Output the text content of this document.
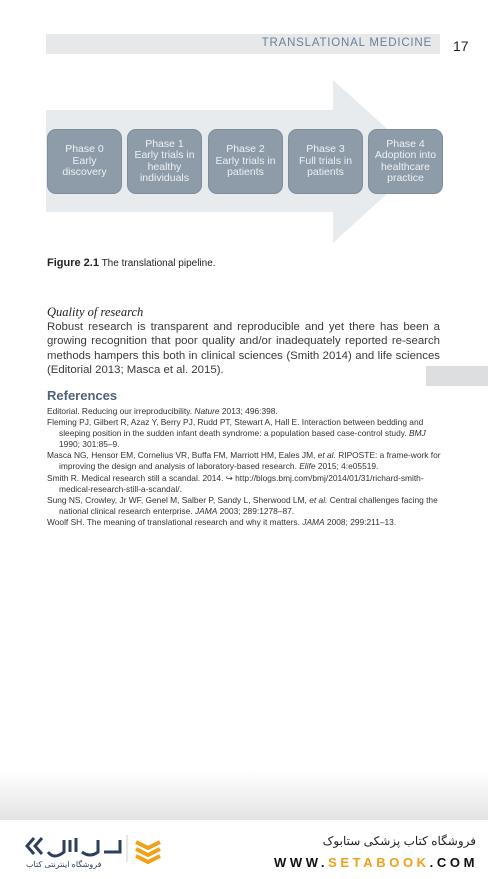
TRANSLATIONAL MEDICINE 17
Phase 0
Early
discovery
Phase 1
Early trials in
healthy
individuals
Phase 2
Early trials in
patients
Phase 3
Full trials in
patients
Phase 4
Adoption into
healthcare
practice
Figure 2.1 The translational pipeline.
Quality of research
Robust research is transparent and reproducible and yet there has been a growing recognition that poor quality and/or inadequately reported re-search methods hampers this both in clinical sciences (Smith 2014) and life sciences (Editorial 2013; Masca et al. 2015).
References
Editorial. Reducing our irreproducibility. Nature 2013; 496:398.
Fleming PJ, Gilbert R, Azaz Y, Berry PJ, Rudd PT, Stewart A, Hall E. Interaction between bedding and sleeping position in the sudden infant death syndrome: a population based case-control study. BMJ 1990; 301:85–9.
Masca NG, Hensor EM, Cornelius VR, Buffa FM, Marriott HM, Eales JM, et al. RIPOSTE: a frame-work for improving the design and analysis of laboratory-based research. Elife 2015; 4:e05519.
Smith R. Medical research still a scandal. 2014. ↪ http://blogs.bmj.com/bmj/2014/01/31/richard-smith-medical-research-still-a-scandal/.
Sung NS, Crowley, Jr WF, Genel M, Salber P, Sandy L, Sherwood LM, et al. Central challenges facing the national clinical research enterprise. JAMA 2003; 289:1278–87.
Woolf SH. The meaning of translational research and why it matters. JAMA 2008; 299:211–13.
فروشگاه اینترنتی کتاب
فروشگاه کتاب پزشکی ستابوک
WWW.SETABOOK.COM
